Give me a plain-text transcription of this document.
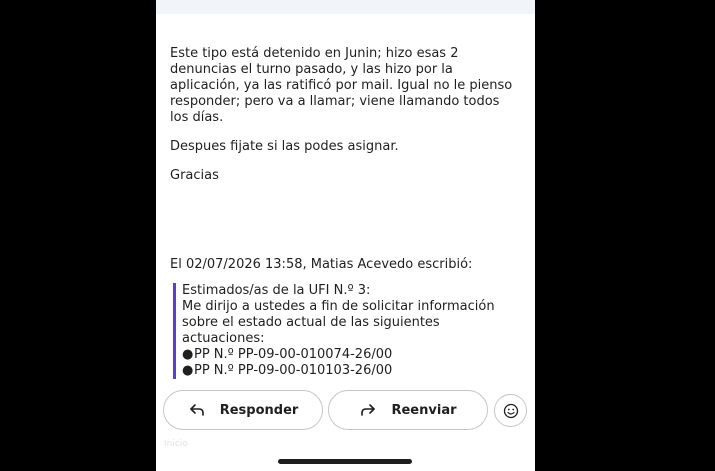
Este tipo está detenido en Junin; hizo esas 2 denuncias el turno pasado, y las hizo por la aplicación, ya las ratificó por mail. Igual no le pienso responder; pero va a llamar; viene llamando todos los días.

Despues fijate si las podes asignar.

Gracias

El 02/07/2026 13:58, Matias Acevedo escribió:
Estimados/as de la UFI N.º 3:
Me dirijo a ustedes a fin de solicitar información sobre el estado actual de las siguientes actuaciones:
●PP N.º PP-09-00-010074-26/00
●PP N.º PP-09-00-010103-26/00
Responder	Reenviar
Inicio
